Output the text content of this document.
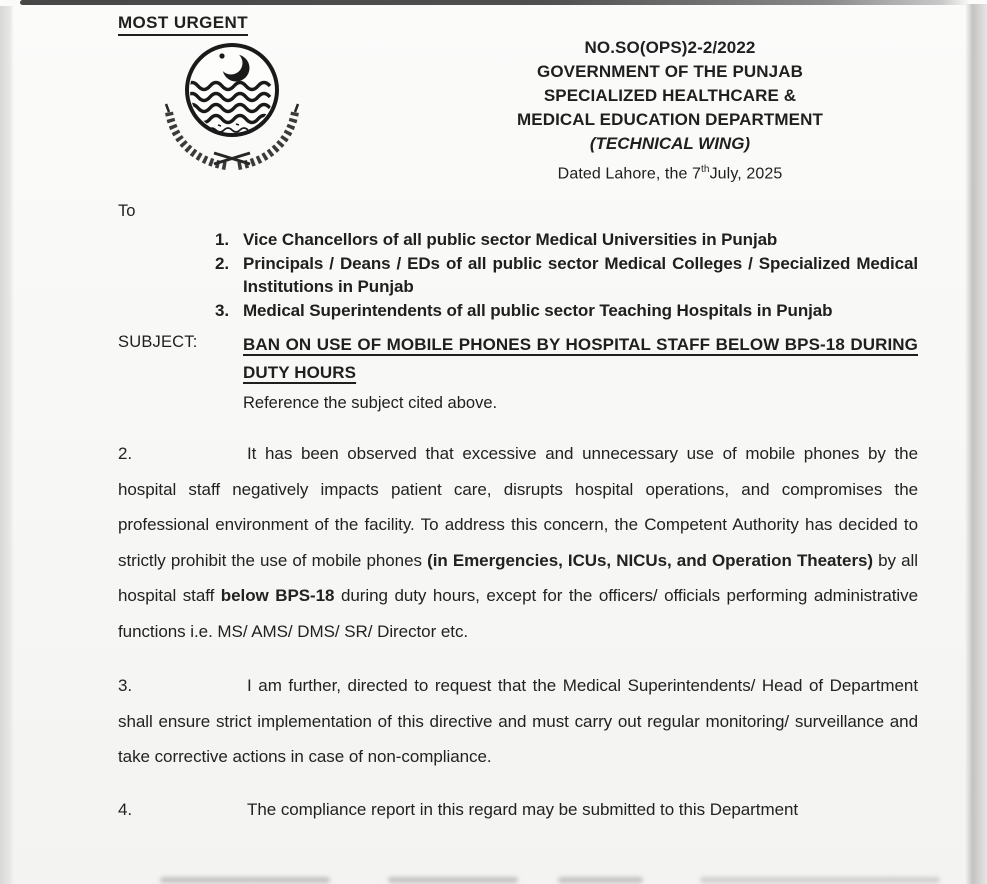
MOST URGENT
NO.SO(OPS)2-2/2022
GOVERNMENT OF THE PUNJAB
SPECIALIZED HEALTHCARE &
MEDICAL EDUCATION DEPARTMENT
(TECHNICAL WING)
Dated Lahore, the 7thJuly, 2025
To
1. Vice Chancellors of all public sector Medical Universities in Punjab
2. Principals / Deans / EDs of all public sector Medical Colleges / Specialized Medical Institutions in Punjab
3. Medical Superintendents of all public sector Teaching Hospitals in Punjab
SUBJECT:	BAN ON USE OF MOBILE PHONES BY HOSPITAL STAFF BELOW BPS-18 DURING DUTY HOURS
Reference the subject cited above.
2.	It has been observed that excessive and unnecessary use of mobile phones by the hospital staff negatively impacts patient care, disrupts hospital operations, and compromises the professional environment of the facility. To address this concern, the Competent Authority has decided to strictly prohibit the use of mobile phones (in Emergencies, ICUs, NICUs, and Operation Theaters) by all hospital staff below BPS-18 during duty hours, except for the officers/ officials performing administrative functions i.e. MS/ AMS/ DMS/ SR/ Director etc.
3.	I am further, directed to request that the Medical Superintendents/ Head of Department shall ensure strict implementation of this directive and must carry out regular monitoring/ surveillance and take corrective actions in case of non-compliance.
4.	The compliance report in this regard may be submitted to this Department
